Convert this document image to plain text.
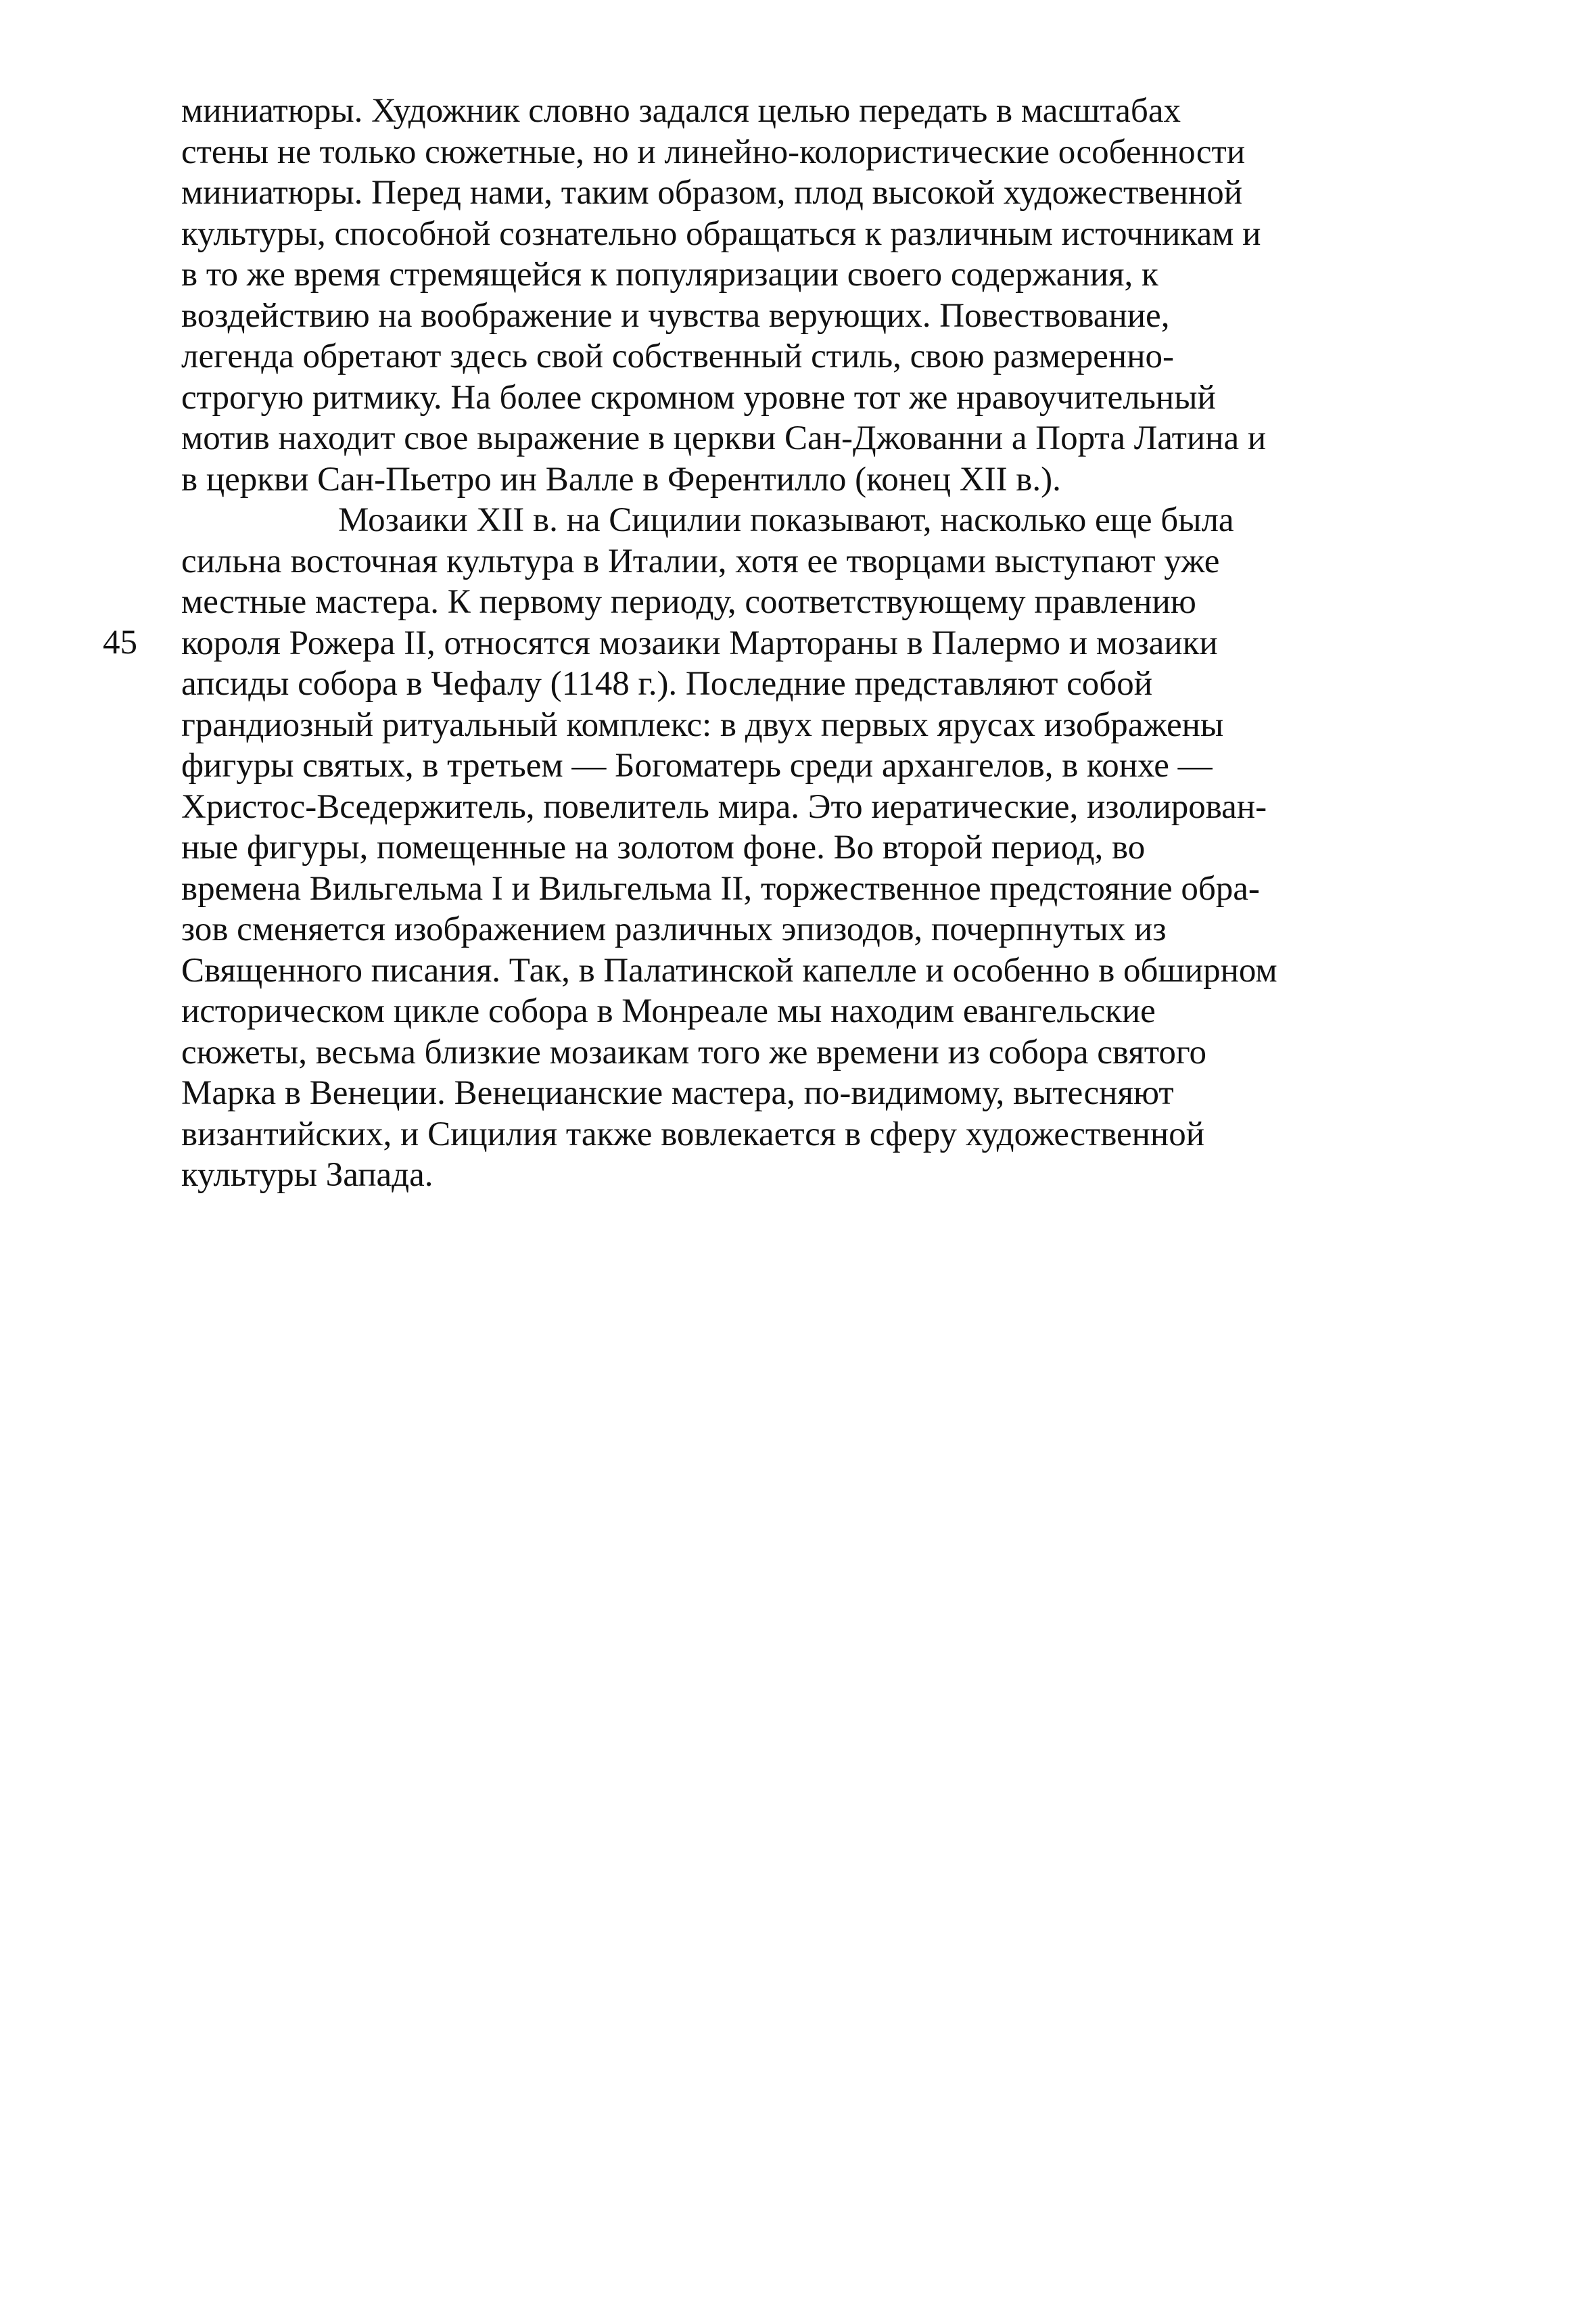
45
миниатюры. Художник словно задался целью передать в масштабах
стены не только сюжетные, но и линейно-колористические особенности
миниатюры. Перед нами, таким образом, плод высокой художественной
культуры, способной сознательно обращаться к различным источникам и
в то же время стремящейся к популяризации своего содержания, к
воздействию на воображение и чувства верующих. Повествование,
легенда обретают здесь свой собственный стиль, свою размеренно-
строгую ритмику. На более скромном уровне тот же нравоучительный
мотив находит свое выражение в церкви Сан-Джованни а Порта Латина и
в церкви Сан-Пьетро ин Валле в Ферентилло (конец XII в.).
Мозаики XII в. на Сицилии показывают, насколько еще была
сильна восточная культура в Италии, хотя ее творцами выступают уже
местные мастера. К первому периоду, соответствующему правлению
короля Рожера II, относятся мозаики Мартораны в Палермо и мозаики
апсиды собора в Чефалу (1148 г.). Последние представляют собой
грандиозный ритуальный комплекс: в двух первых ярусах изображены
фигуры святых, в третьем — Богоматерь среди архангелов, в конхе —
Христос-Вседержитель, повелитель мира. Это иератические, изолирован-
ные фигуры, помещенные на золотом фоне. Во второй период, во
времена Вильгельма I и Вильгельма II, торжественное предстояние обра-
зов сменяется изображением различных эпизодов, почерпнутых из
Священного писания. Так, в Палатинской капелле и особенно в обширном
историческом цикле собора в Монреале мы находим евангельские
сюжеты, весьма близкие мозаикам того же времени из собора святого
Марка в Венеции. Венецианские мастера, по-видимому, вытесняют
византийских, и Сицилия также вовлекается в сферу художественной
культуры Запада.
